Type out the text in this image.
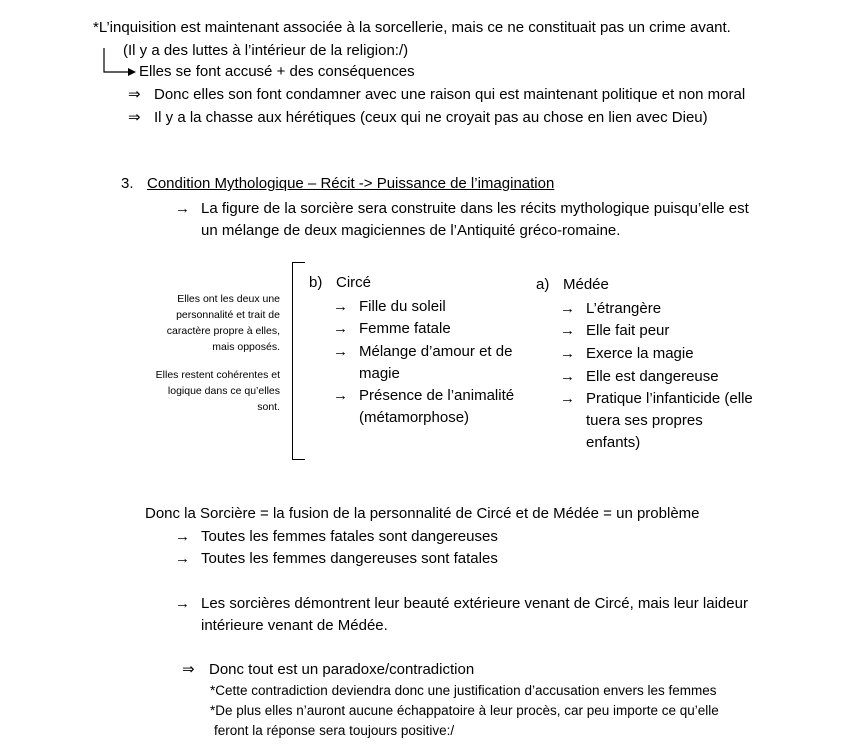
*L’inquisition est maintenant associée à la sorcellerie, mais ce ne constituait pas un crime avant.
(Il y a des luttes à l’intérieur de la religion:/)
Elles se font accusé + des conséquences
⇒ Donc elles son font condamner avec une raison qui est maintenant politique et non moral
⇒ Il y a la chasse aux hérétiques (ceux qui ne croyait pas au chose en lien avec Dieu)
3. Condition Mythologique – Récit -> Puissance de l’imagination
→ La figure de la sorcière sera construite dans les récits mythologique puisqu’elle est
un mélange de deux magiciennes de l’Antiquité gréco-romaine.
Elles ont les deux une
personnalité et trait de
caractère propre à elles,
mais opposés.
Elles restent cohérentes et
logique dans ce qu’elles
sont.
b) Circé
→ Fille du soleil
→ Femme fatale
→ Mélange d’amour et de
magie
→ Présence de l’animalité
(métamorphose)
a) Médée
→ L’étrangère
→ Elle fait peur
→ Exerce la magie
→ Elle est dangereuse
→ Pratique l’infanticide (elle
tuera ses propres
enfants)
Donc la Sorcière = la fusion de la personnalité de Circé et de Médée = un problème
→ Toutes les femmes fatales sont dangereuses
→ Toutes les femmes dangereuses sont fatales
→ Les sorcières démontrent leur beauté extérieure venant de Circé, mais leur laideur
intérieure venant de Médée.
⇒ Donc tout est un paradoxe/contradiction
*Cette contradiction deviendra donc une justification d’accusation envers les femmes
*De plus elles n’auront aucune échappatoire à leur procès, car peu importe ce qu’elle
feront la réponse sera toujours positive:/
